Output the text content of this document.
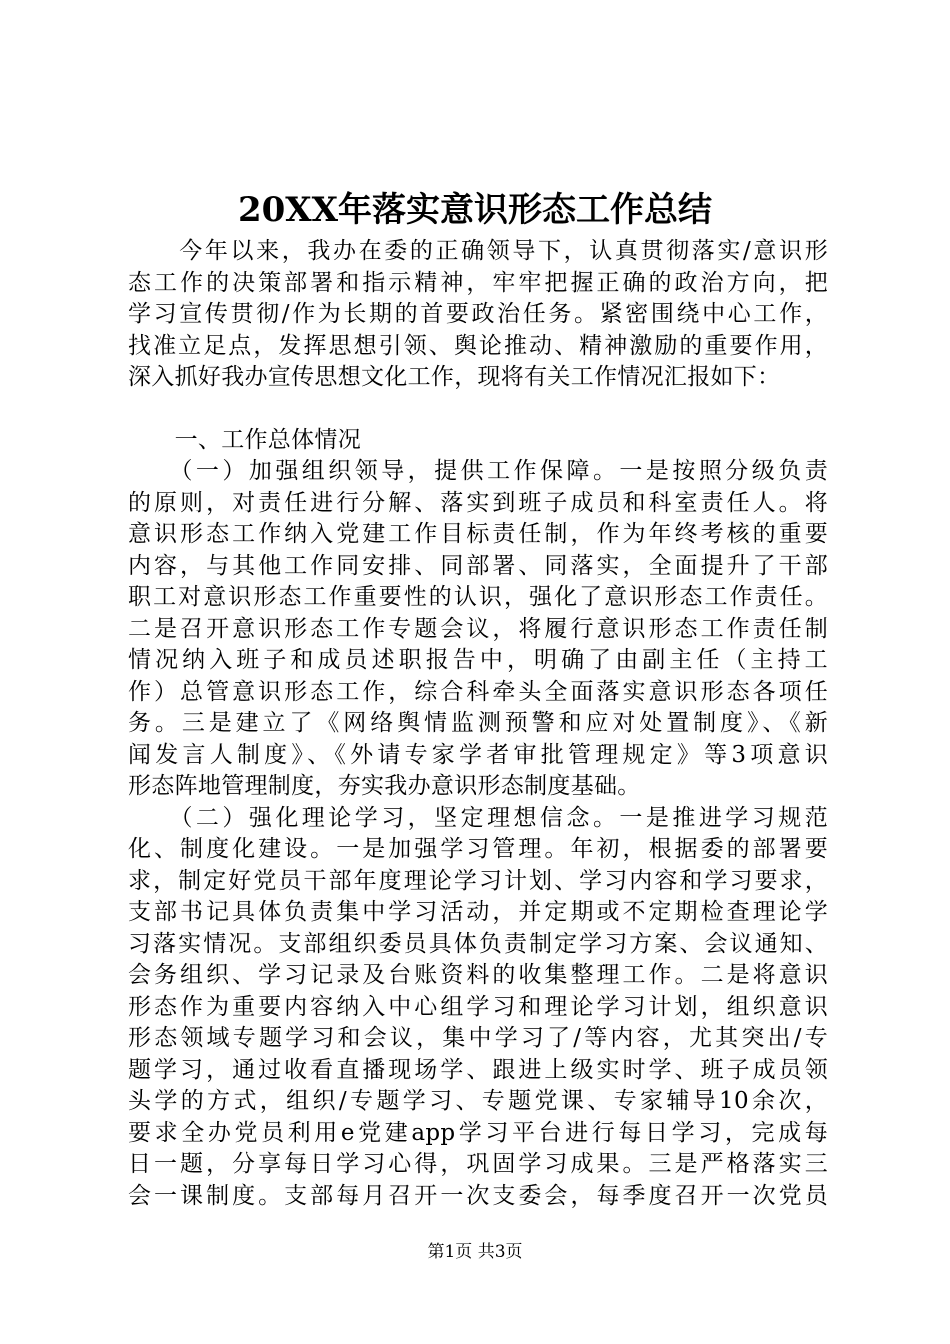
20XX年落实意识形态工作总结
　　今年以来，我办在委的正确领导下，认真贯彻落实/意识形
态工作的决策部署和指示精神，牢牢把握正确的政治方向，把
学习宣传贯彻/作为长期的首要政治任务。紧密围绕中心工作，
找准立足点，发挥思想引领、舆论推动、精神激励的重要作用，
深入抓好我办宣传思想文化工作，现将有关工作情况汇报如下：
　　一、工作总体情况
　　（一）加强组织领导，提供工作保障。一是按照分级负责
的原则，对责任进行分解、落实到班子成员和科室责任人。将
意识形态工作纳入党建工作目标责任制，作为年终考核的重要
内容，与其他工作同安排、同部署、同落实，全面提升了干部
职工对意识形态工作重要性的认识，强化了意识形态工作责任。
二是召开意识形态工作专题会议，将履行意识形态工作责任制
情况纳入班子和成员述职报告中，明确了由副主任（主持工
作）总管意识形态工作，综合科牵头全面落实意识形态各项任
务。三是建立了《网络舆情监测预警和应对处置制度》、《新
闻发言人制度》、《外请专家学者审批管理规定》等3项意识
形态阵地管理制度，夯实我办意识形态制度基础。
　　（二）强化理论学习，坚定理想信念。一是推进学习规范
化、制度化建设。一是加强学习管理。年初，根据委的部署要
求，制定好党员干部年度理论学习计划、学习内容和学习要求，
支部书记具体负责集中学习活动，并定期或不定期检查理论学
习落实情况。支部组织委员具体负责制定学习方案、会议通知、
会务组织、学习记录及台账资料的收集整理工作。二是将意识
形态作为重要内容纳入中心组学习和理论学习计划，组织意识
形态领域专题学习和会议，集中学习了/等内容，尤其突出/专
题学习，通过收看直播现场学、跟进上级实时学、班子成员领
头学的方式，组织/专题学习、专题党课、专家辅导10余次，
要求全办党员利用e党建app学习平台进行每日学习，完成每
日一题，分享每日学习心得，巩固学习成果。三是严格落实三
会一课制度。支部每月召开一次支委会，每季度召开一次党员
第1页 共3页
